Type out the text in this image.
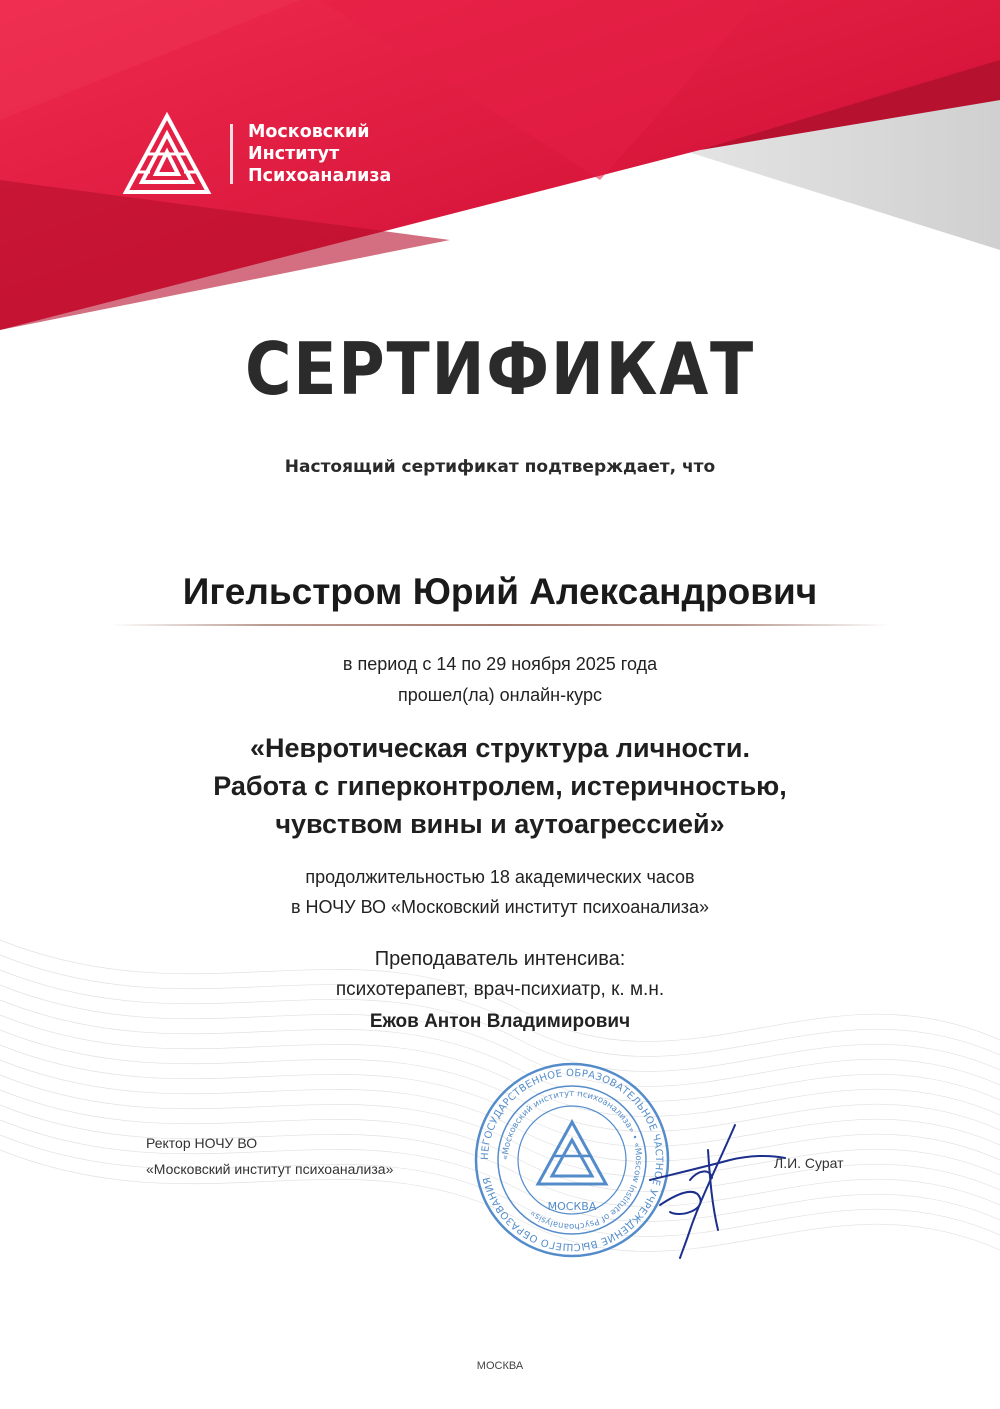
Московский
Институт
Психоанализа
СЕРТИФИКАТ
Настоящий сертификат подтверждает, что
Игельстром Юрий Александрович
в период с 14 по 29 ноября 2025 года
прошел(ла) онлайн-курс
«Невротическая структура личности.
Работа с гиперконтролем, истеричностью,
чувством вины и аутоагрессией»
продолжительностью 18 академических часов
в НОЧУ ВО «Московский институт психоанализа»
Преподаватель интенсива:
психотерапевт, врач-психиатр, к. м.н.
Ежов Антон Владимирович
Ректор НОЧУ ВО
«Московский институт психоанализа»
НЕГОСУДАРСТВЕННОЕ ОБРАЗОВАТЕЛЬНОЕ ЧАСТНОЕ УЧРЕЖДЕНИЕ ВЫСШЕГО ОБРАЗОВАНИЯ
«Московский институт психоанализа» • «Moscow Institute of Psychoanalysis»
МОСКВА
Л.И. Сурат
МОСКВА
